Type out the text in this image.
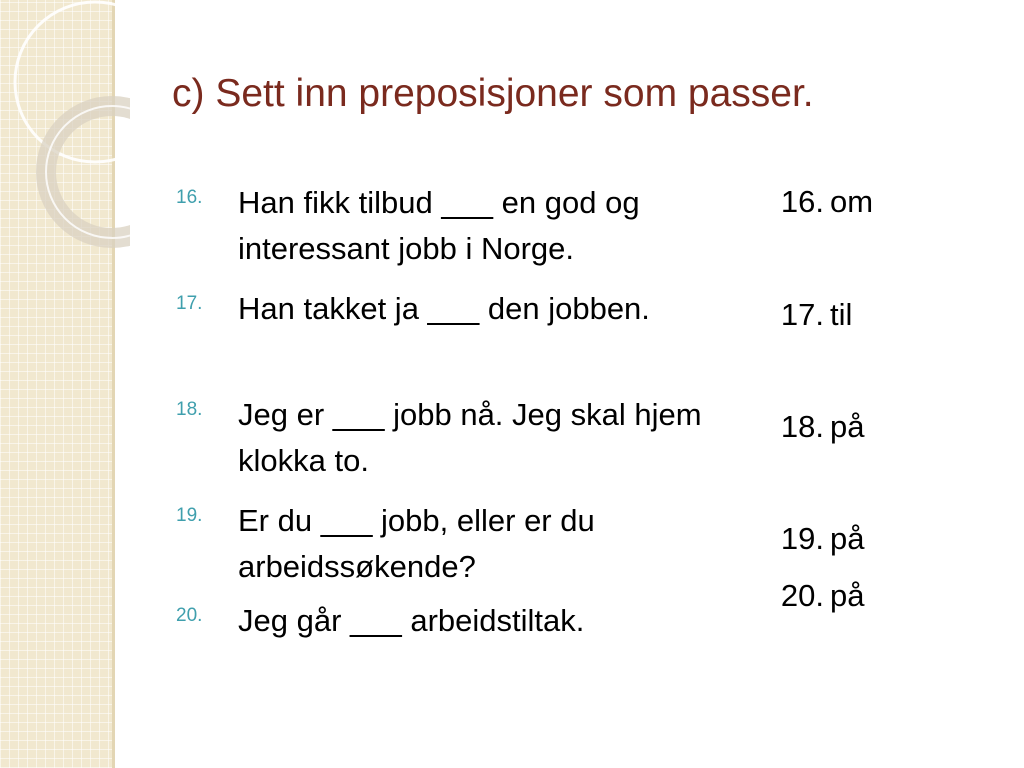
c) Sett inn preposisjoner som passer.
16.	Han fikk tilbud ___ en god og interessant jobb i Norge.
17.	Han takket ja ___ den jobben.
18.	Jeg er ___ jobb nå. Jeg skal hjem klokka to.
19.	Er du ___ jobb, eller er du arbeidssøkende?
20.	Jeg går ___ arbeidstiltak.
16. om
17. til
18. på
19. på
20. på
